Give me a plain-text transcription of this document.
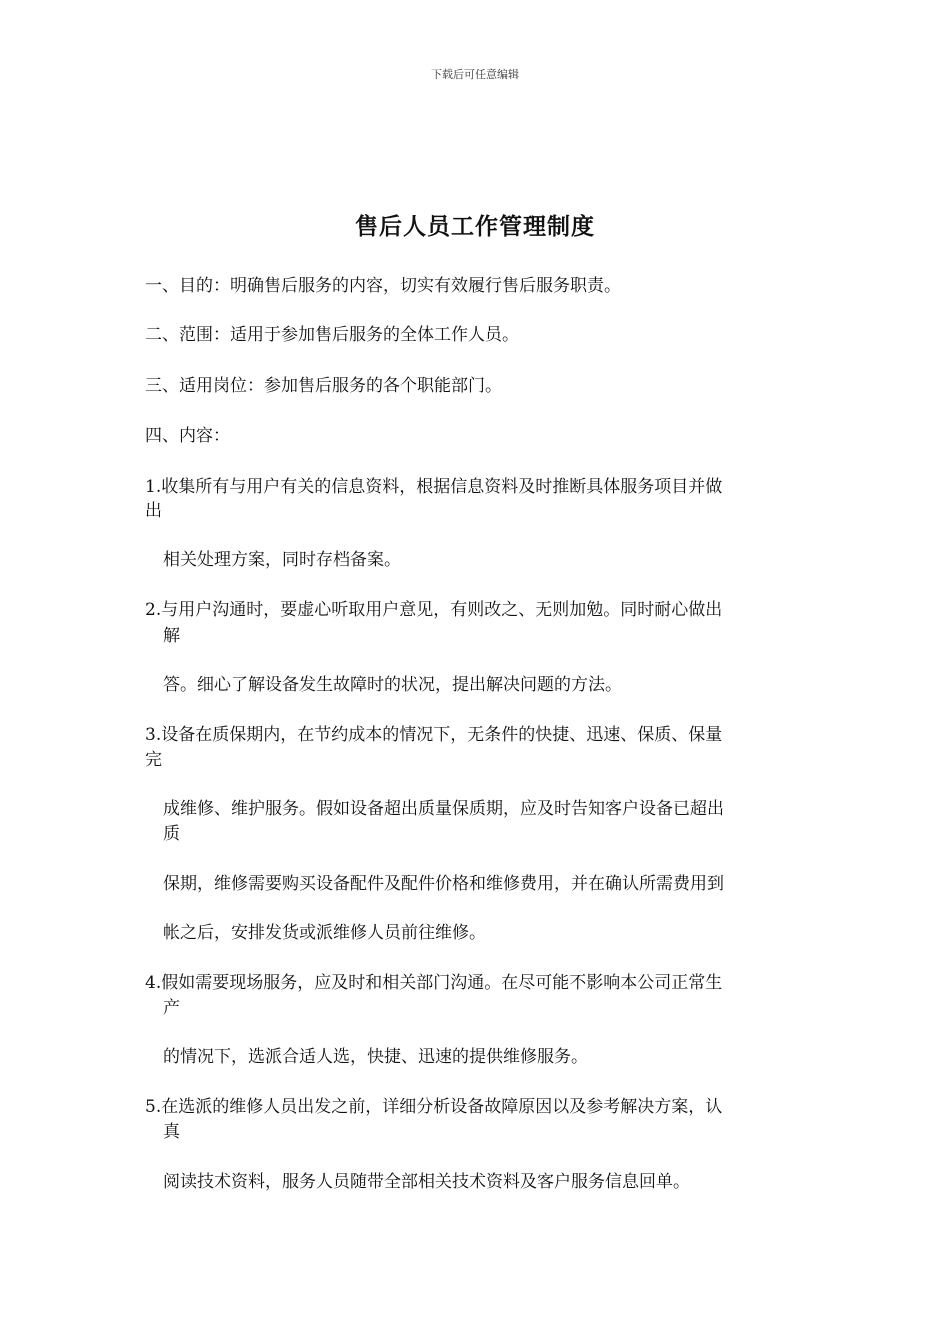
下载后可任意编辑
售后人员工作管理制度
一、目的：明确售后服务的内容，切实有效履行售后服务职责。
二、范围：适用于参加售后服务的全体工作人员。
三、适用岗位：参加售后服务的各个职能部门。
四、内容：
1.收集所有与用户有关的信息资料，根据信息资料及时推断具体服务项目并做
出
相关处理方案，同时存档备案。
2.与用户沟通时，要虚心听取用户意见，有则改之、无则加勉。同时耐心做出
解
答。细心了解设备发生故障时的状况，提出解决问题的方法。
3.设备在质保期内，在节约成本的情况下，无条件的快捷、迅速、保质、保量
完
成维修、维护服务。假如设备超出质量保质期，应及时告知客户设备已超出
质
保期，维修需要购买设备配件及配件价格和维修费用，并在确认所需费用到
帐之后，安排发货或派维修人员前往维修。
4.假如需要现场服务，应及时和相关部门沟通。在尽可能不影响本公司正常生
产
的情况下，选派合适人选，快捷、迅速的提供维修服务。
5.在选派的维修人员出发之前，详细分析设备故障原因以及参考解决方案，认
真
阅读技术资料，服务人员随带全部相关技术资料及客户服务信息回单。
